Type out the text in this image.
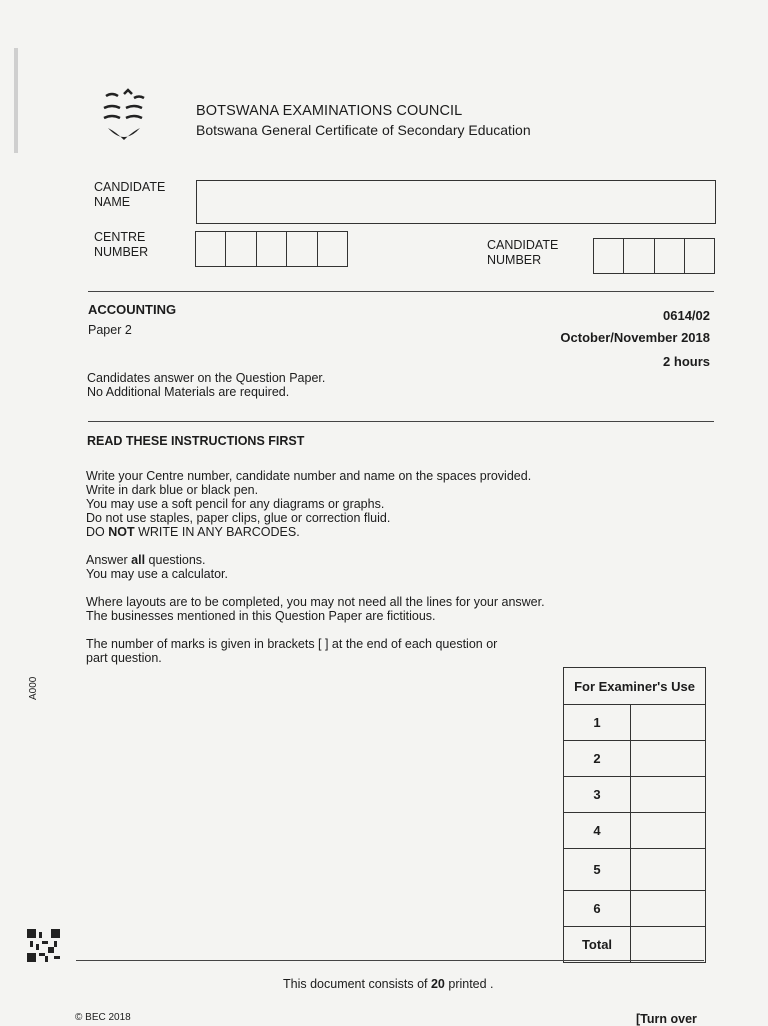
BOTSWANA EXAMINATIONS COUNCIL
Botswana General Certificate of Secondary Education
CANDIDATE
NAME
CENTRE
NUMBER	CANDIDATE
NUMBER
ACCOUNTING
Paper 2
0614/02
October/November 2018
2 hours
Candidates answer on the Question Paper.
No Additional Materials are required.
READ THESE INSTRUCTIONS FIRST

Write your Centre number, candidate number and name on the spaces provided.

Write in dark blue or black pen.

You may use a soft pencil for any diagrams or graphs.

Do not use staples, paper clips, glue or correction fluid.

DO NOT WRITE IN ANY BARCODES.

Answer all questions.

You may use a calculator.

Where layouts are to be completed, you may not need all the lines for your answer.

The businesses mentioned in this Question Paper are fictitious.

The number of marks is given in brackets [ ] at the end of each question or

part question.

For Examiner's Use	
1	
2	
3	
4	
5	
6	
Total	
A000
This document consists of 20 printed .
© BEC 2018	[Turn over
